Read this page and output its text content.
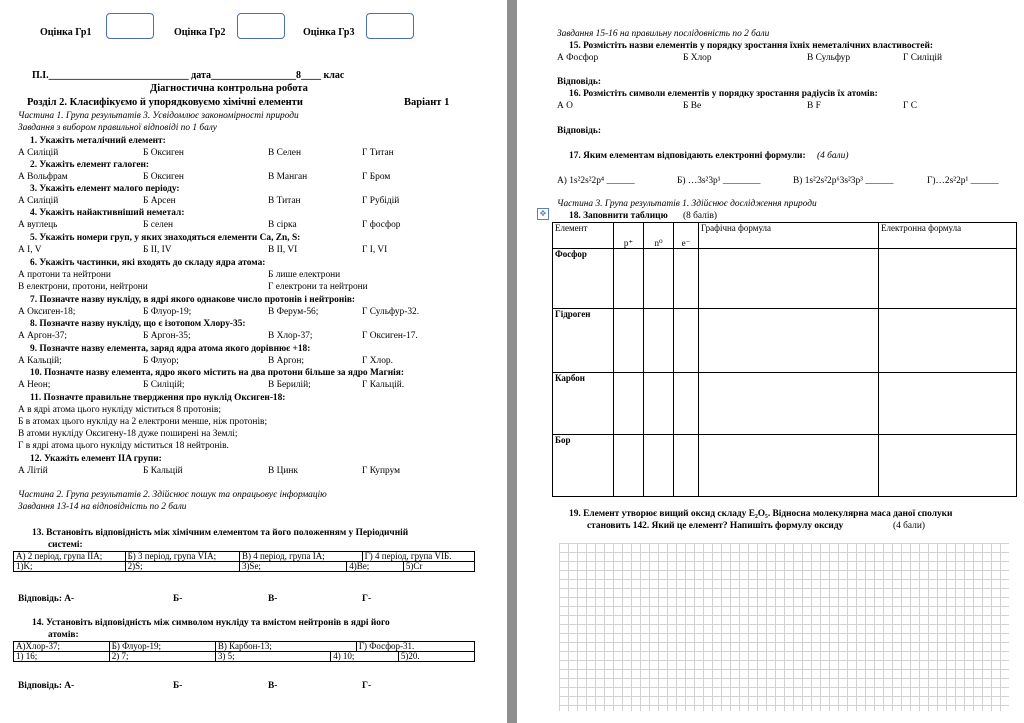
Оцінка Гр1	Оцінка Гр2	Оцінка Гр3
П.І.____________________________ дата_________________8____ клас
Діагностична контрольна робота
Розділ 2. Класифікуємо й упорядковуємо хімічні елементи	Варіант 1
Частина 1. Група результатів 3. Усвідомлює закономірності природи
Завдання з вибором правильної відповіді по 1 балу
1. Укажіть металічний елемент:
А Силіцій	Б Оксиген	В Селен	Г Титан
2. Укажіть елемент галоген:
А Вольфрам	Б Оксиген	В Манган	Г Бром
3. Укажіть елемент малого періоду:
А Силіцій	Б Арсен	В Титан	Г Рубідій
4. Укажіть найактивніший неметал:
А вуглець	Б селен	В сірка	Г фосфор
5. Укажіть номери груп, у яких знаходяться елементи Ca, Zn, S:
А I, V	Б II, IV	В II, VI	Г I, VI
6. Укажіть частинки, які входять до складу ядра атома:
А протони та нейтрони	Б лише електрони
В електрони, протони, нейтрони	Г електрони та нейтрони
7. Позначте назву нукліду, в ядрі якого однакове число протонів і нейтронів:
А Оксиген-18;	Б Флуор-19;	В Ферум-56;	Г Сульфур-32.
8. Позначте назву нукліду, що є ізотопом Хлору-35:
А Аргон-37;	Б Аргон-35;	В Хлор-37;	Г Оксиген-17.
9. Позначте назву елемента, заряд ядра атома якого дорівнює +18:
А Кальцій;	Б Флуор;	В Аргон;	Г Хлор.
10. Позначте назву елемента, ядро якого містить на два протони більше за ядро Магнія:
А Неон;	Б Силіцій;	В Берилій;	Г Кальцій.
11. Позначте правильне твердження про нуклід Оксиген-18:
А в ядрі атома цього нукліду міститься 8 протонів;
Б в атомах цього нукліду на 2 електрони менше, ніж протонів;
В атоми нукліду Оксигену-18 дуже поширені на Землі;
Г в ядрі атома цього нукліду міститься 18 нейтронів.
12. Укажіть елемент IIA групи:
А Літій	Б Кальцій	В Цинк	Г Купрум
Частина 2. Група результатів 2. Здійснює пошук та опрацьовує інформацію
Завдання 13-14 на відповідність по 2 бали
13. Встановіть відповідність між хімічним елементом та його положенням у Періодичній
системі:
А) 2 період, група IIA;	Б) 3 період, група VIA;	В) 4 період, група IA;		Г) 4 період, група VIБ.	
1)K;	2)S;	3)Se;	4)Be;		5)Cr
Відповідь: А-	Б-	В-	Г-
14. Установіть відповідність між символом нукліду та вмістом нейтронів в ядрі його
атомів:
А)Хлор-37;	Б) Флуор-19;	В) Карбон-13;		Г) Фосфор-31.	
1) 16;	2) 7;	3) 5;	4) 10;		5)20.
Відповідь: А-	Б-	В-	Г-
Завдання 15-16 на правильну послідовність по 2 бали
15. Розмістіть назви елементів у порядку зростання їхніх неметалічних властивостей:
А Фосфор	Б Хлор	В Сульфур	Г Силіцій
Відповідь:
16. Розмістіть символи елементів у порядку зростання радіусів їх атомів:
А O	Б Be	В F	Г C
Відповідь:
17. Яким елементам відповідають електронні формули: (4 бали)
А) 1s²2s²2p⁴ ______	Б) …3s²3p¹ ________	В) 1s²2s²2p⁶3s²3p³ ______	Г)…2s²2p¹ ______
Частина 3. Група результатів 1. Здійснює дослідження природи
✥ 18. Заповнити таблицю (8 балів)
Елемент	p⁺	n⁰	e⁻	Графічна формула	Електронна формула
Фосфор					
Гідроген					
Карбон					
Бор					
19. Елемент утворює вищий оксид складу E₂O₅. Відносна молекулярна маса даної сполуки
становить 142. Який це елемент? Напишіть формулу оксиду	(4 бали)
